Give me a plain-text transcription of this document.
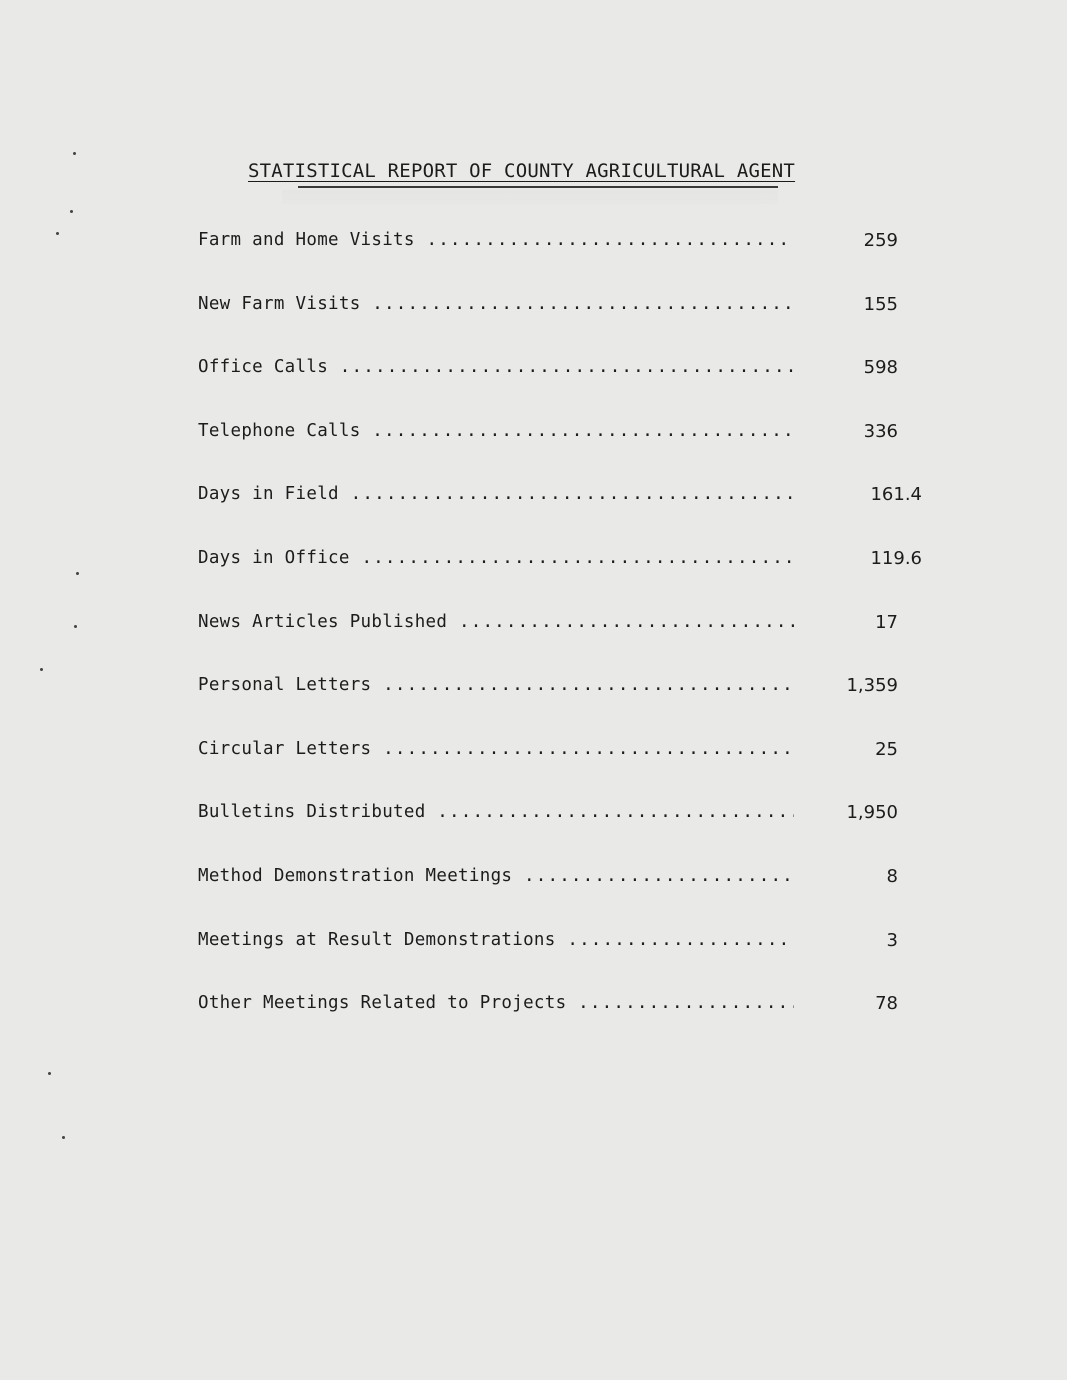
STATISTICAL REPORT OF COUNTY AGRICULTURAL AGENT
Farm and Home Visits .....	259
New Farm Visits .....	155
Office Calls .....	598
Telephone Calls .....	336
Days in Field .....	161.4
Days in Office .....	119.6
News Articles Published .....	17
Personal Letters .....	1,359
Circular Letters .....	25
Bulletins Distributed .....	1,950
Method Demonstration Meetings .....	8
Meetings at Result Demonstrations .....	3
Other Meetings Related to Projects .....	78
